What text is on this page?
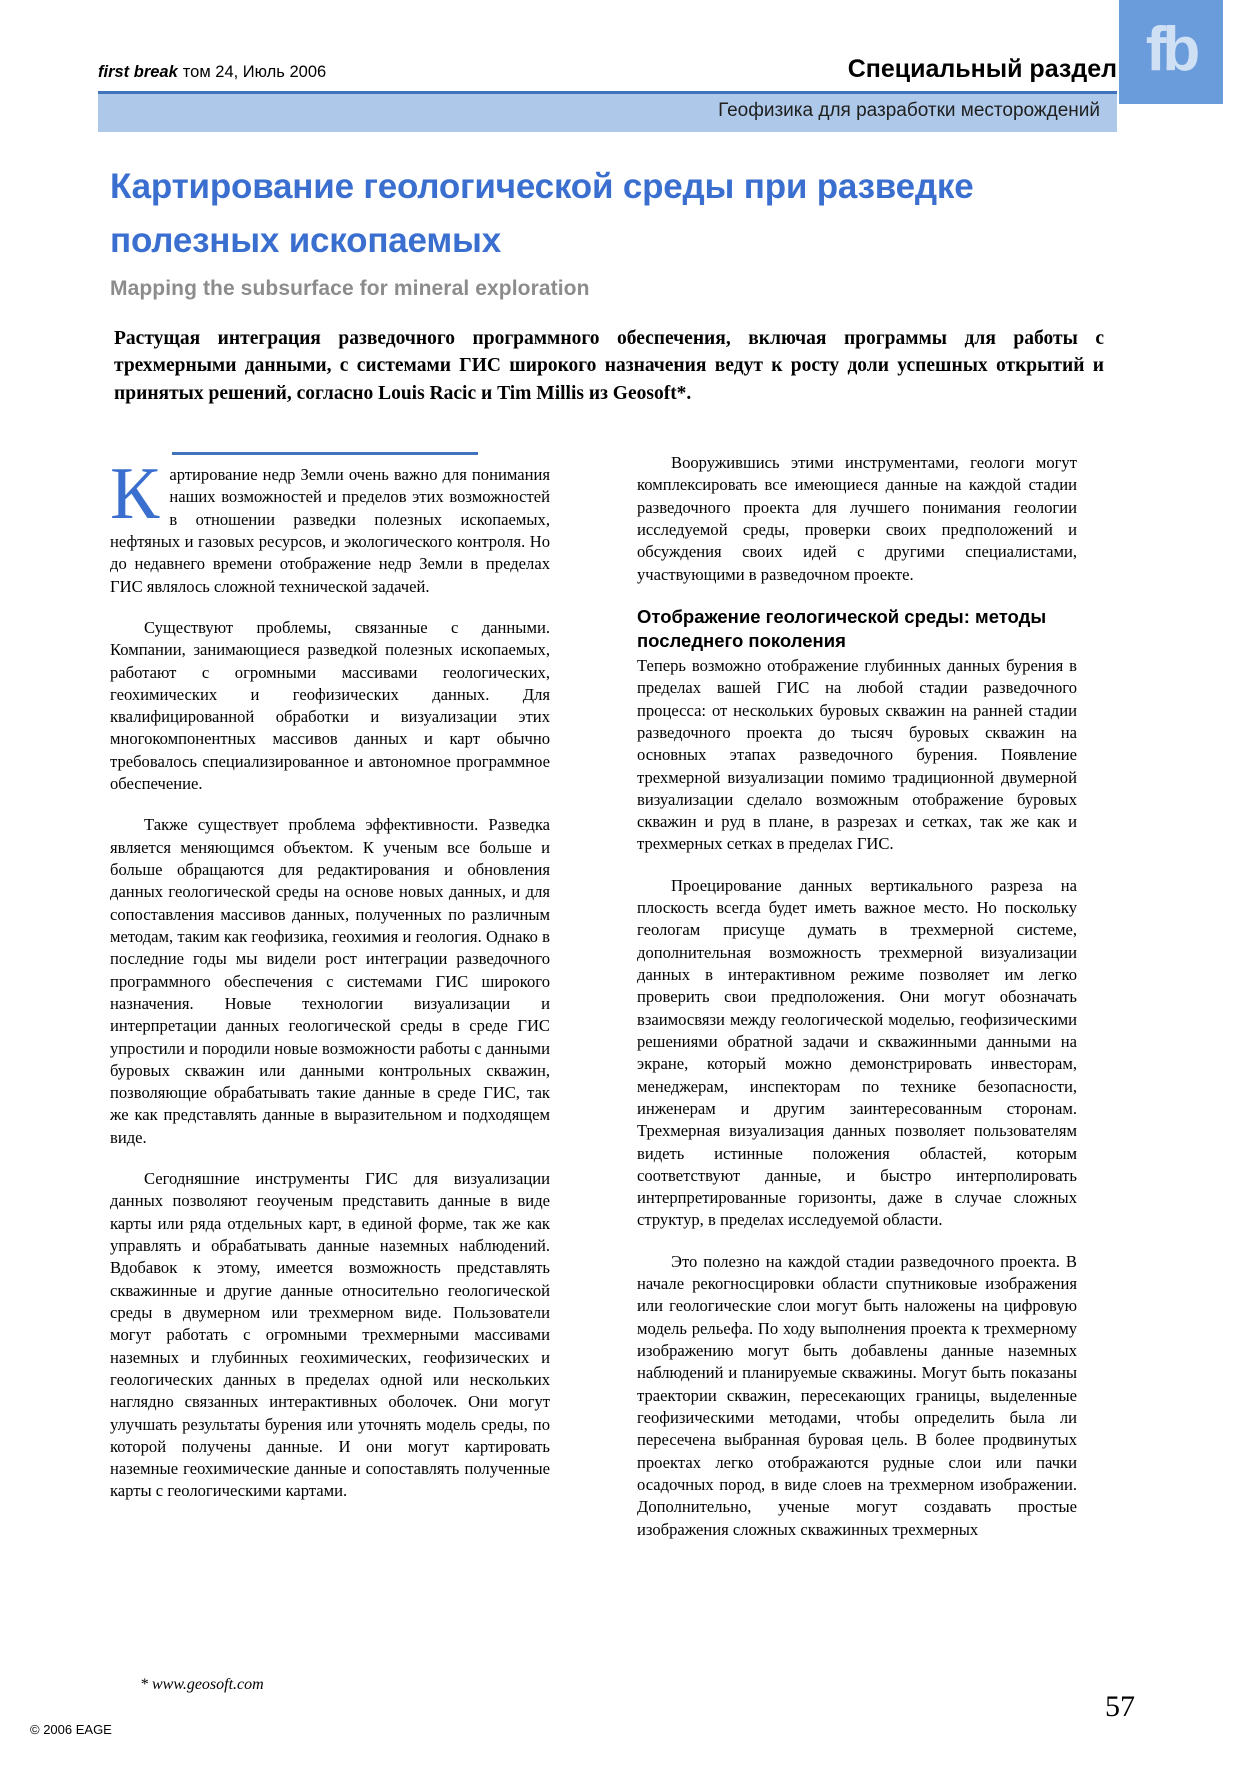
fb
first break том 24, Июль 2006	Специальный раздел
Геофизика для разработки месторождений
Картирование геологической среды при разведке полезных ископаемых
Mapping the subsurface for mineral exploration

Растущая интеграция разведочного программного обеспечения, включая программы для работы с трехмерными данными, с системами ГИС широкого назначения ведут к росту доли успешных открытий и принятых решений, согласно Louis Racic и Tim Millis из Geosoft*.

Картирование недр Земли очень важно для понимания наших возможностей и пределов этих возможностей в отношении разведки полезных ископаемых, нефтяных и газовых ресурсов, и экологического контроля. Но до недавнего времени отображение недр Земли в пределах ГИС являлось сложной технической задачей.

Существуют проблемы, связанные с данными. Компании, занимающиеся разведкой полезных ископаемых, работают с огромными массивами геологических, геохимических и геофизических данных. Для квалифицированной обработки и визуализации этих многокомпонентных массивов данных и карт обычно требовалось специализированное и автономное программное обеспечение.

Также существует проблема эффективности. Разведка является меняющимся объектом. К ученым все больше и больше обращаются для редактирования и обновления данных геологической среды на основе новых данных, и для сопоставления массивов данных, полученных по различным методам, таким как геофизика, геохимия и геология. Однако в последние годы мы видели рост интеграции разведочного программного обеспечения с системами ГИС широкого назначения. Новые технологии визуализации и интерпретации данных геологической среды в среде ГИС упростили и породили новые возможности работы с данными буровых скважин или данными контрольных скважин, позволяющие обрабатывать такие данные в среде ГИС, так же как представлять данные в выразительном и подходящем виде.

Сегодняшние инструменты ГИС для визуализации данных позволяют геоученым представить данные в виде карты или ряда отдельных карт, в единой форме, так же как управлять и обрабатывать данные наземных наблюдений. Вдобавок к этому, имеется возможность представлять скважинные и другие данные относительно геологической среды в двумерном или трехмерном виде. Пользователи могут работать с огромными трехмерными массивами наземных и глубинных геохимических, геофизических и геологических данных в пределах одной или нескольких наглядно связанных интерактивных оболочек. Они могут улучшать результаты бурения или уточнять модель среды, по которой получены данные. И они могут картировать наземные геохимические данные и сопоставлять полученные карты с геологическими картами.

Вооружившись этими инструментами, геологи могут комплексировать все имеющиеся данные на каждой стадии разведочного проекта для лучшего понимания геологии исследуемой среды, проверки своих предположений и обсуждения своих идей с другими специалистами, участвующими в разведочном проекте.

Отображение геологической среды: методы последнего поколения

Теперь возможно отображение глубинных данных бурения в пределах вашей ГИС на любой стадии разведочного процесса: от нескольких буровых скважин на ранней стадии разведочного проекта до тысяч буровых скважин на основных этапах разведочного бурения. Появление трехмерной визуализации помимо традиционной двумерной визуализации сделало возможным отображение буровых скважин и руд в плане, в разрезах и сетках, так же как и трехмерных сетках в пределах ГИС.

Проецирование данных вертикального разреза на плоскость всегда будет иметь важное место. Но поскольку геологам присуще думать в трехмерной системе, дополнительная возможность трехмерной визуализации данных в интерактивном режиме позволяет им легко проверить свои предположения. Они могут обозначать взаимосвязи между геологической моделью, геофизическими решениями обратной задачи и скважинными данными на экране, который можно демонстрировать инвесторам, менеджерам, инспекторам по технике безопасности, инженерам и другим заинтересованным сторонам. Трехмерная визуализация данных позволяет пользователям видеть истинные положения областей, которым соответствуют данные, и быстро интерполировать интерпретированные горизонты, даже в случае сложных структур, в пределах исследуемой области.

Это полезно на каждой стадии разведочного проекта. В начале рекогносцировки области спутниковые изображения или геологические слои могут быть наложены на цифровую модель рельефа. По ходу выполнения проекта к трехмерному изображению могут быть добавлены данные наземных наблюдений и планируемые скважины. Могут быть показаны траектории скважин, пересекающих границы, выделенные геофизическими методами, чтобы определить была ли пересечена выбранная буровая цель. В более продвинутых проектах легко отображаются рудные слои или пачки осадочных пород, в виде слоев на трехмерном изображении. Дополнительно, ученые могут создавать простые изображения сложных скважинных трехмерных

* www.geosoft.com
© 2006 EAGE
57
